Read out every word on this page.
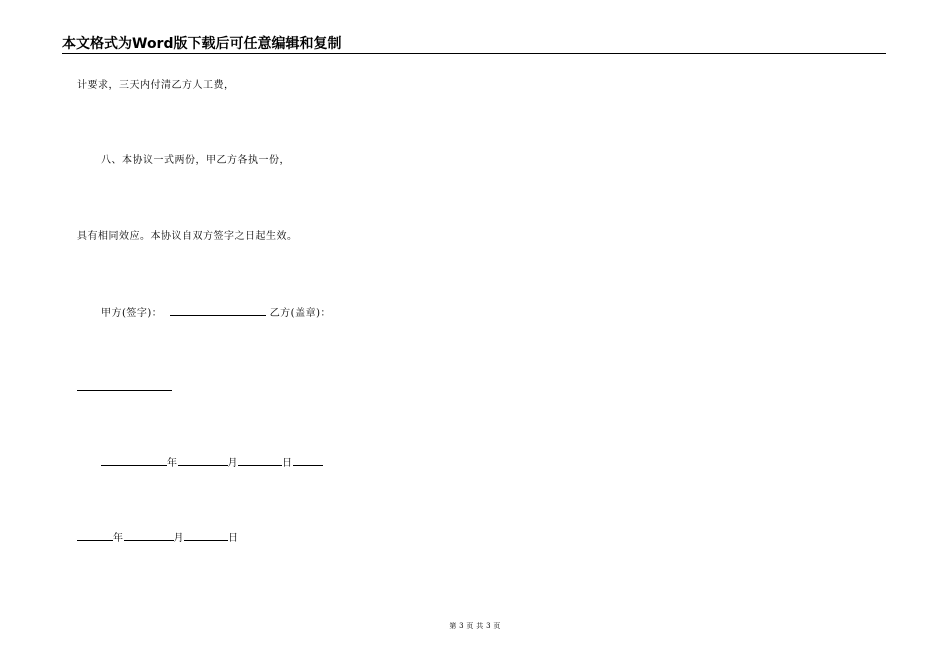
本文格式为Word版下载后可任意编辑和复制
计要求，三天内付清乙方人工费，
八、本协议一式两份，甲乙方各执一份，
具有相同效应。本协议自双方签字之日起生效。
甲方(签字)：	乙方(盖章)：
年	月	日
年	月	日
第 3 页 共 3 页
